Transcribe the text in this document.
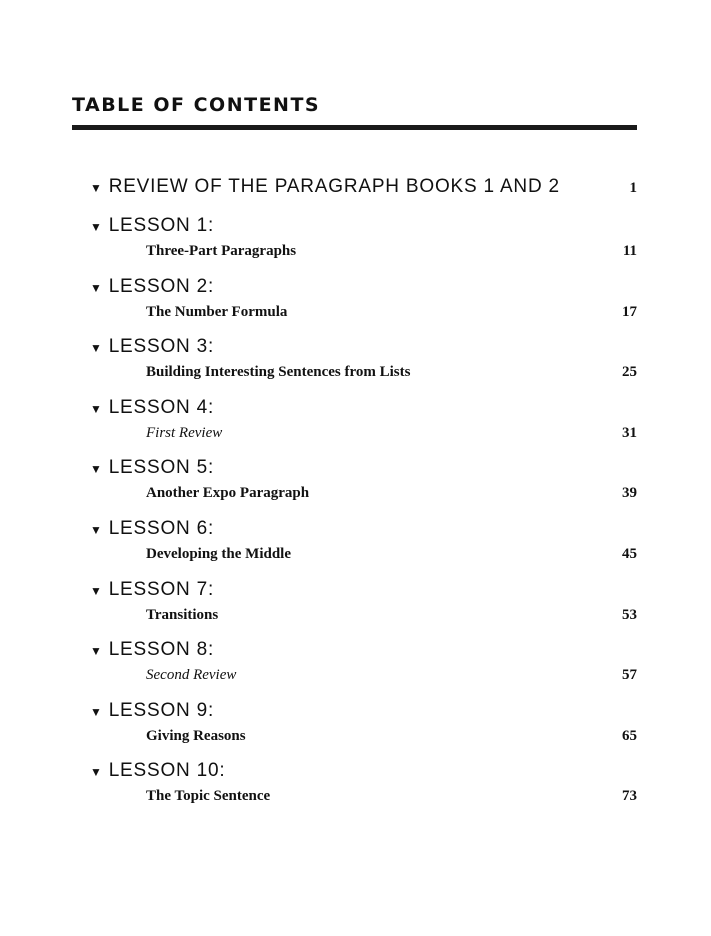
TABLE OF CONTENTS
▼ REVIEW OF THE PARAGRAPH BOOKS 1 AND 2	1
▼ LESSON 1:
Three-Part Paragraphs	11
▼ LESSON 2:
The Number Formula	17
▼ LESSON 3:
Building Interesting Sentences from Lists	25
▼ LESSON 4:
First Review	31
▼ LESSON 5:
Another Expo Paragraph	39
▼ LESSON 6:
Developing the Middle	45
▼ LESSON 7:
Transitions	53
▼ LESSON 8:
Second Review	57
▼ LESSON 9:
Giving Reasons	65
▼ LESSON 10:
The Topic Sentence	73
